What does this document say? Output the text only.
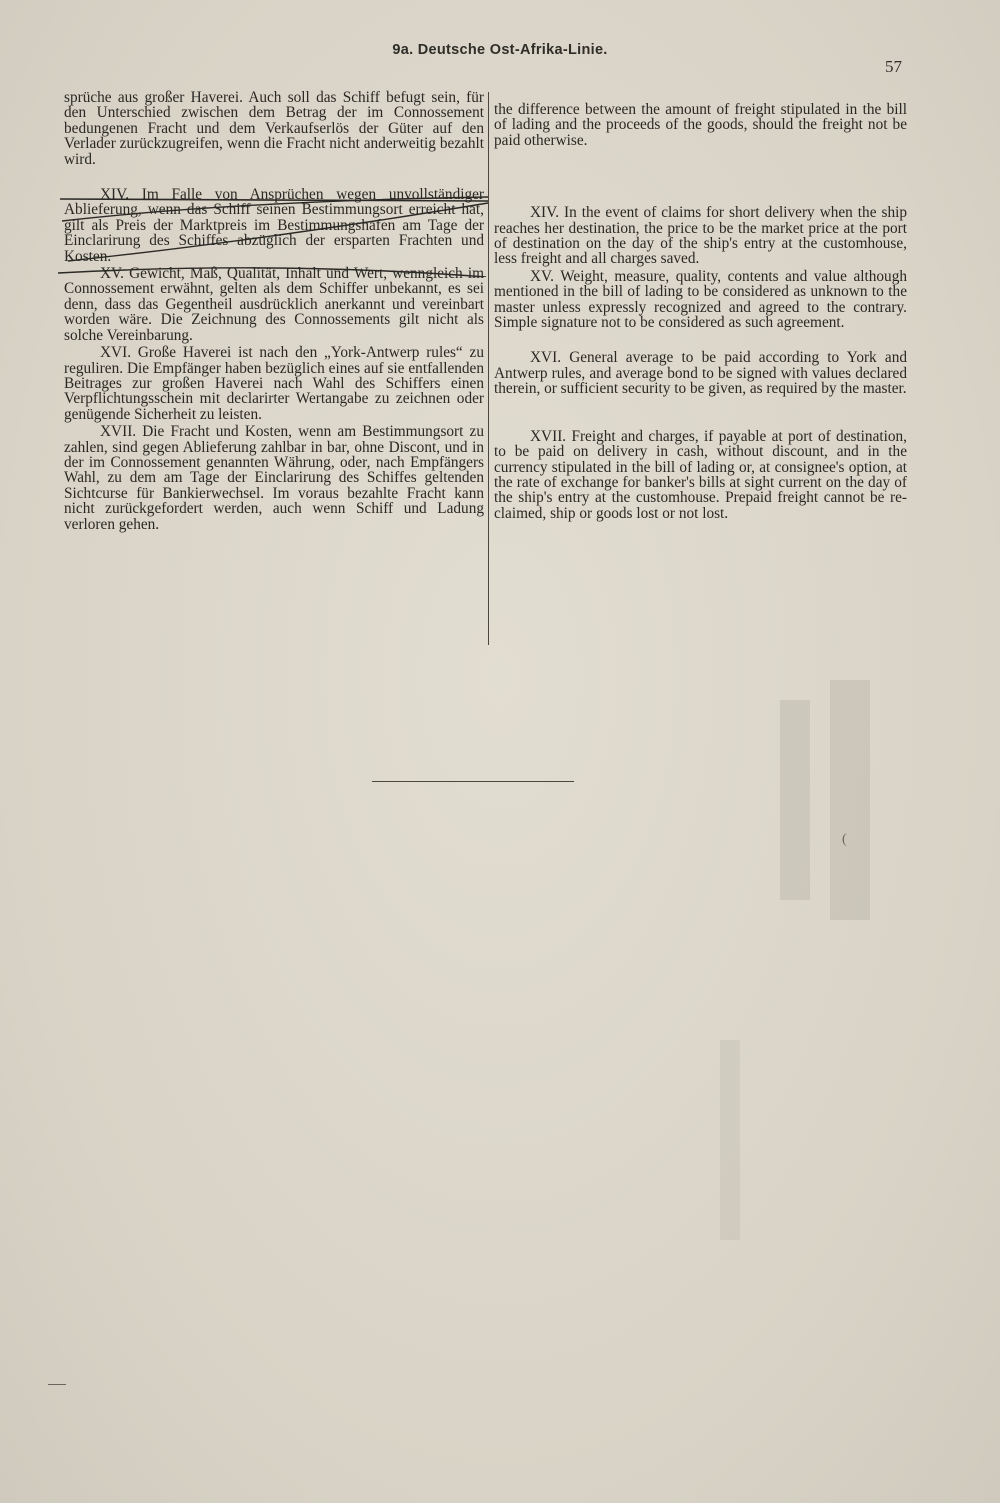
9a. Deutsche Ost-Afrika-Linie.
57

sprüche aus großer Haverei. Auch soll das Schiff befugt sein, für den Unterschied zwischen dem Betrag der im Connossement bedungenen Fracht und dem Verkaufserlös der Güter auf den Verlader zurückzugreifen, wenn die Fracht nicht anderweitig bezahlt wird.

XIV. Im Falle von Ansprüchen wegen unvollständiger Ablieferung, wenn das Schiff seinen Bestimmungsort erreicht hat, gilt als Preis der Marktpreis im Bestimmungshafen am Tage der Einclarirung des Schiffes abzüglich der ersparten Frachten und Kosten.

XV. Gewicht, Maß, Qualität, Inhalt und Wert, wenngleich im Connossement erwähnt, gelten als dem Schiffer unbekannt, es sei denn, dass das Gegentheil ausdrücklich anerkannt und vereinbart worden wäre. Die Zeichnung des Connossements gilt nicht als solche Vereinbarung.

XVI. Große Haverei ist nach den „York-Antwerp rules“ zu reguliren. Die Empfänger haben bezüglich eines auf sie entfallenden Beitrages zur großen Haverei nach Wahl des Schiffers einen Verpflichtungsschein mit declarirter Wertangabe zu zeichnen oder genügende Sicherheit zu leisten.

XVII. Die Fracht und Kosten, wenn am Bestimmungsort zu zahlen, sind gegen Ablieferung zahlbar in bar, ohne Discont, und in der im Connossement genannten Währung, oder, nach Empfängers Wahl, zu dem am Tage der Einclarirung des Schiffes geltenden Sichtcurse für Bankierwechsel. Im voraus bezahlte Fracht kann nicht zurückgefordert werden, auch wenn Schiff und Ladung verloren gehen.

the difference between the amount of freight stipulated in the bill of lading and the proceeds of the goods, should the freight not be paid otherwise.

XIV. In the event of claims for short delivery when the ship reaches her destination, the price to be the market price at the port of destination on the day of the ship's entry at the customhouse, less freight and all charges saved.

XV. Weight, measure, quality, contents and value although mentioned in the bill of lading to be considered as unknown to the master unless expressly recognized and agreed to the contrary. Simple signature not to be considered as such agreement.

XVI. General average to be paid according to York and Antwerp rules, and average bond to be signed with values declared therein, or sufficient security to be given, as required by the master.

XVII. Freight and charges, if payable at port of destination, to be paid on delivery in cash, without discount, and in the currency stipulated in the bill of lading or, at consignee's option, at the rate of exchange for banker's bills at sight current on the day of the ship's entry at the customhouse. Prepaid freight cannot be re-claimed, ship or goods lost or not lost.

(
